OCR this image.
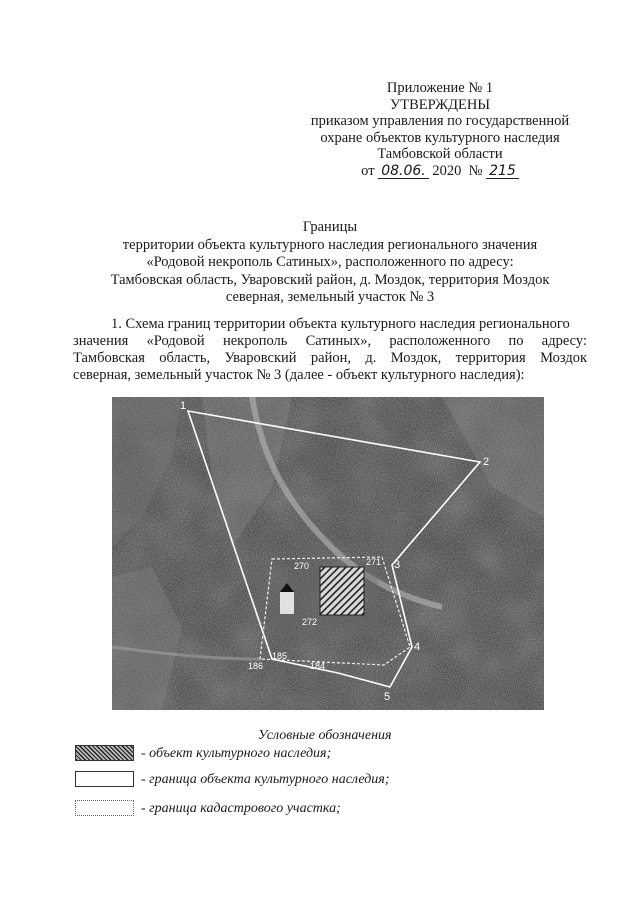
Приложение № 1
УТВЕРЖДЕНЫ
приказом управления по государственной
охране объектов культурного наследия
Тамбовской области
от 08.06. 2020 № 215
Границы
территории объекта культурного наследия регионального значения
«Родовой некрополь Сатиных», расположенного по адресу:
Тамбовская область, Уваровский район, д. Моздок, территория Моздок
северная, земельный участок № 3
1. Схема границ территории объекта культурного наследия регионального
значения «Родовой некрополь Сатиных», расположенного по адресу:
Тамбовская область, Уваровский район, д. Моздок, территория Моздок
северная, земельный участок № 3 (далее - объект культурного наследия):
1
2
3
4
5
270	271
272
186
185
184
Условные обозначения
- объект культурного наследия;
- граница объекта культурного наследия;
- граница кадастрового участка;
